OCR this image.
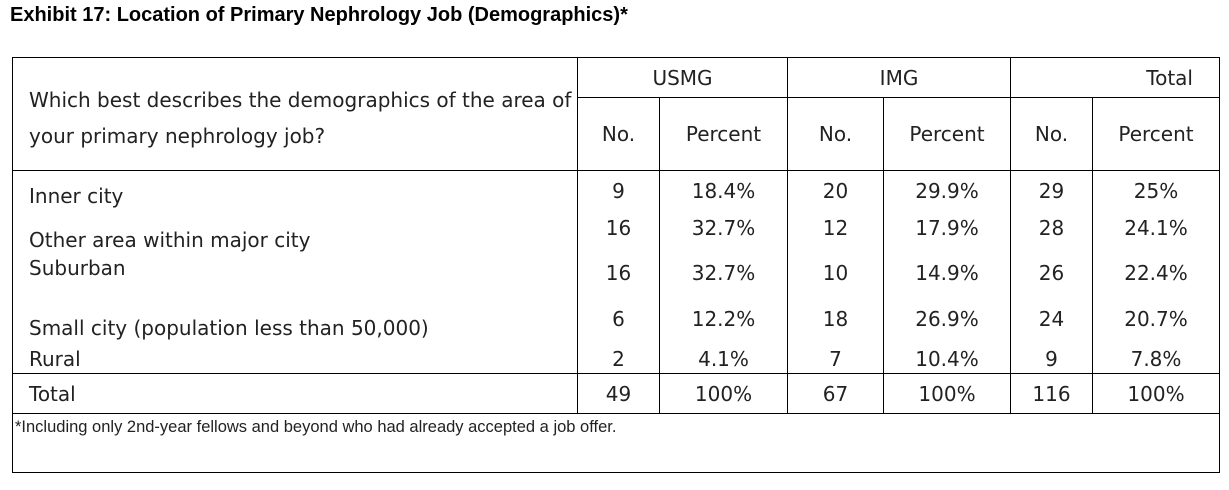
Exhibit 17: Location of Primary Nephrology Job (Demographics)*
Which best describes the demographics of the area of your primary nephrology job?	USMG		IMG		Total	
	No.	Percent	No.	Percent	No.	Percent
Inner city	9	18.4%	20	29.9%	29	25%
Other area within major city	16	32.7%	12	17.9%	28	24.1%
Suburban	16	32.7%	10	14.9%	26	22.4%
Small city (population less than 50,000)	6	12.2%	18	26.9%	24	20.7%
Rural	2	4.1%	7	10.4%	9	7.8%
Total	49	100%	67	100%	116	100%
*Including only 2nd-year fellows and beyond who had already accepted a job offer.						
